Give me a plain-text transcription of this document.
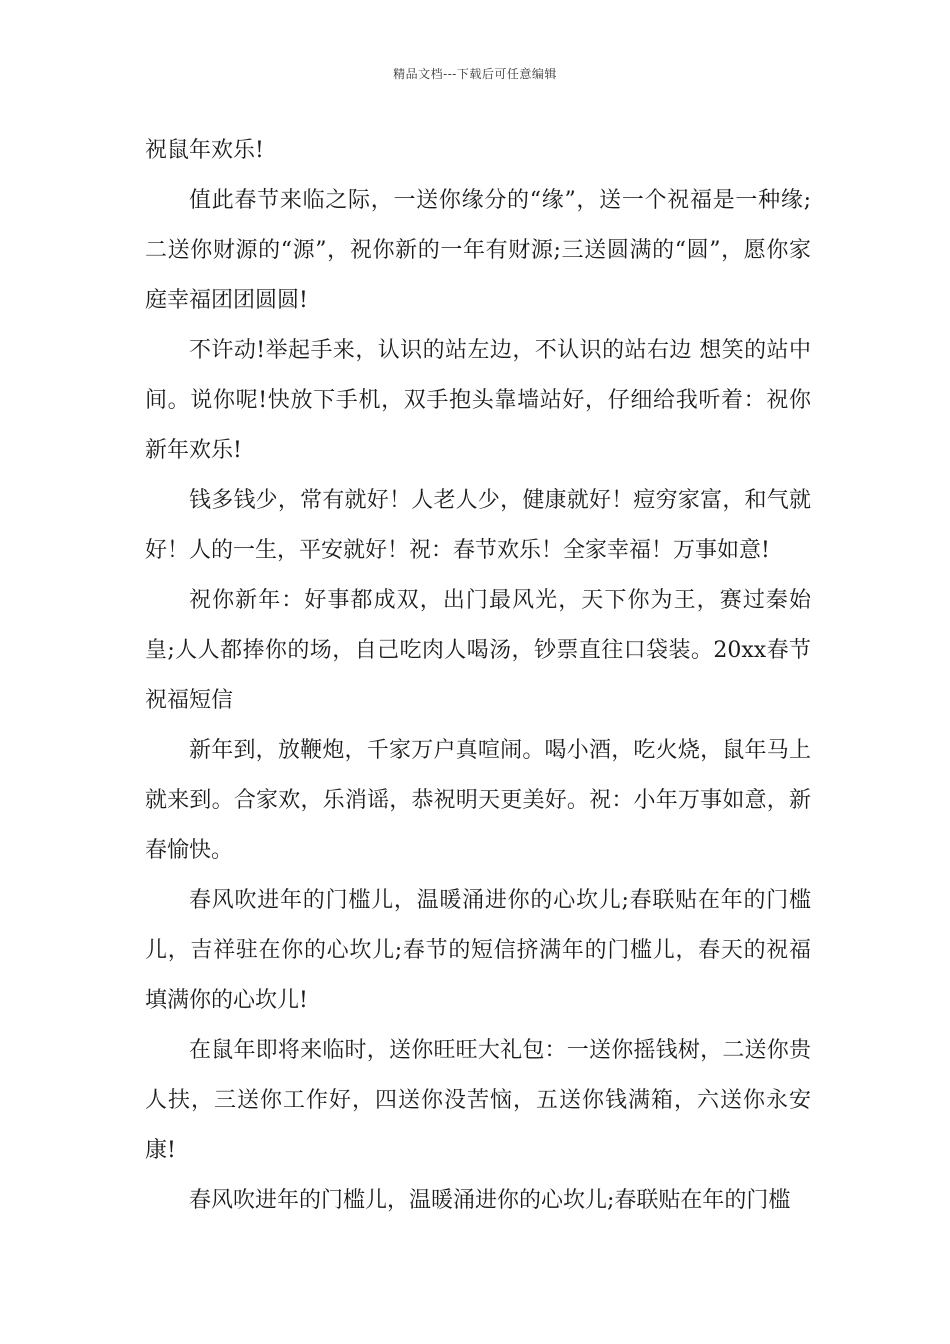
精品文档---下载后可任意编辑

祝鼠年欢乐!

值此春节来临之际，一送你缘分的“缘”，送一个祝福是一种缘;二送你财源的“源”，祝你新的一年有财源;三送圆满的“圆”，愿你家庭幸福团团圆圆!

不许动!举起手来，认识的站左边，不认识的站右边 想笑的站中间。说你呢!快放下手机，双手抱头靠墙站好，仔细给我听着：祝你新年欢乐!

钱多钱少，常有就好！人老人少，健康就好！痘穷家富，和气就好！人的一生，平安就好！祝：春节欢乐！全家幸福！万事如意!

祝你新年：好事都成双，出门最风光，天下你为王，赛过秦始皇;人人都捧你的场，自己吃肉人喝汤，钞票直往口袋装。20xx春节祝福短信

新年到，放鞭炮，千家万户真喧闹。喝小酒，吃火烧，鼠年马上就来到。合家欢，乐消谣，恭祝明天更美好。祝：小年万事如意，新春愉快。

春风吹进年的门槛儿，温暖涌进你的心坎儿;春联贴在年的门槛儿，吉祥驻在你的心坎儿;春节的短信挤满年的门槛儿，春天的祝福填满你的心坎儿!

在鼠年即将来临时，送你旺旺大礼包：一送你摇钱树，二送你贵人扶，三送你工作好，四送你没苦恼，五送你钱满箱，六送你永安康!

春风吹进年的门槛儿，温暖涌进你的心坎儿;春联贴在年的门槛
